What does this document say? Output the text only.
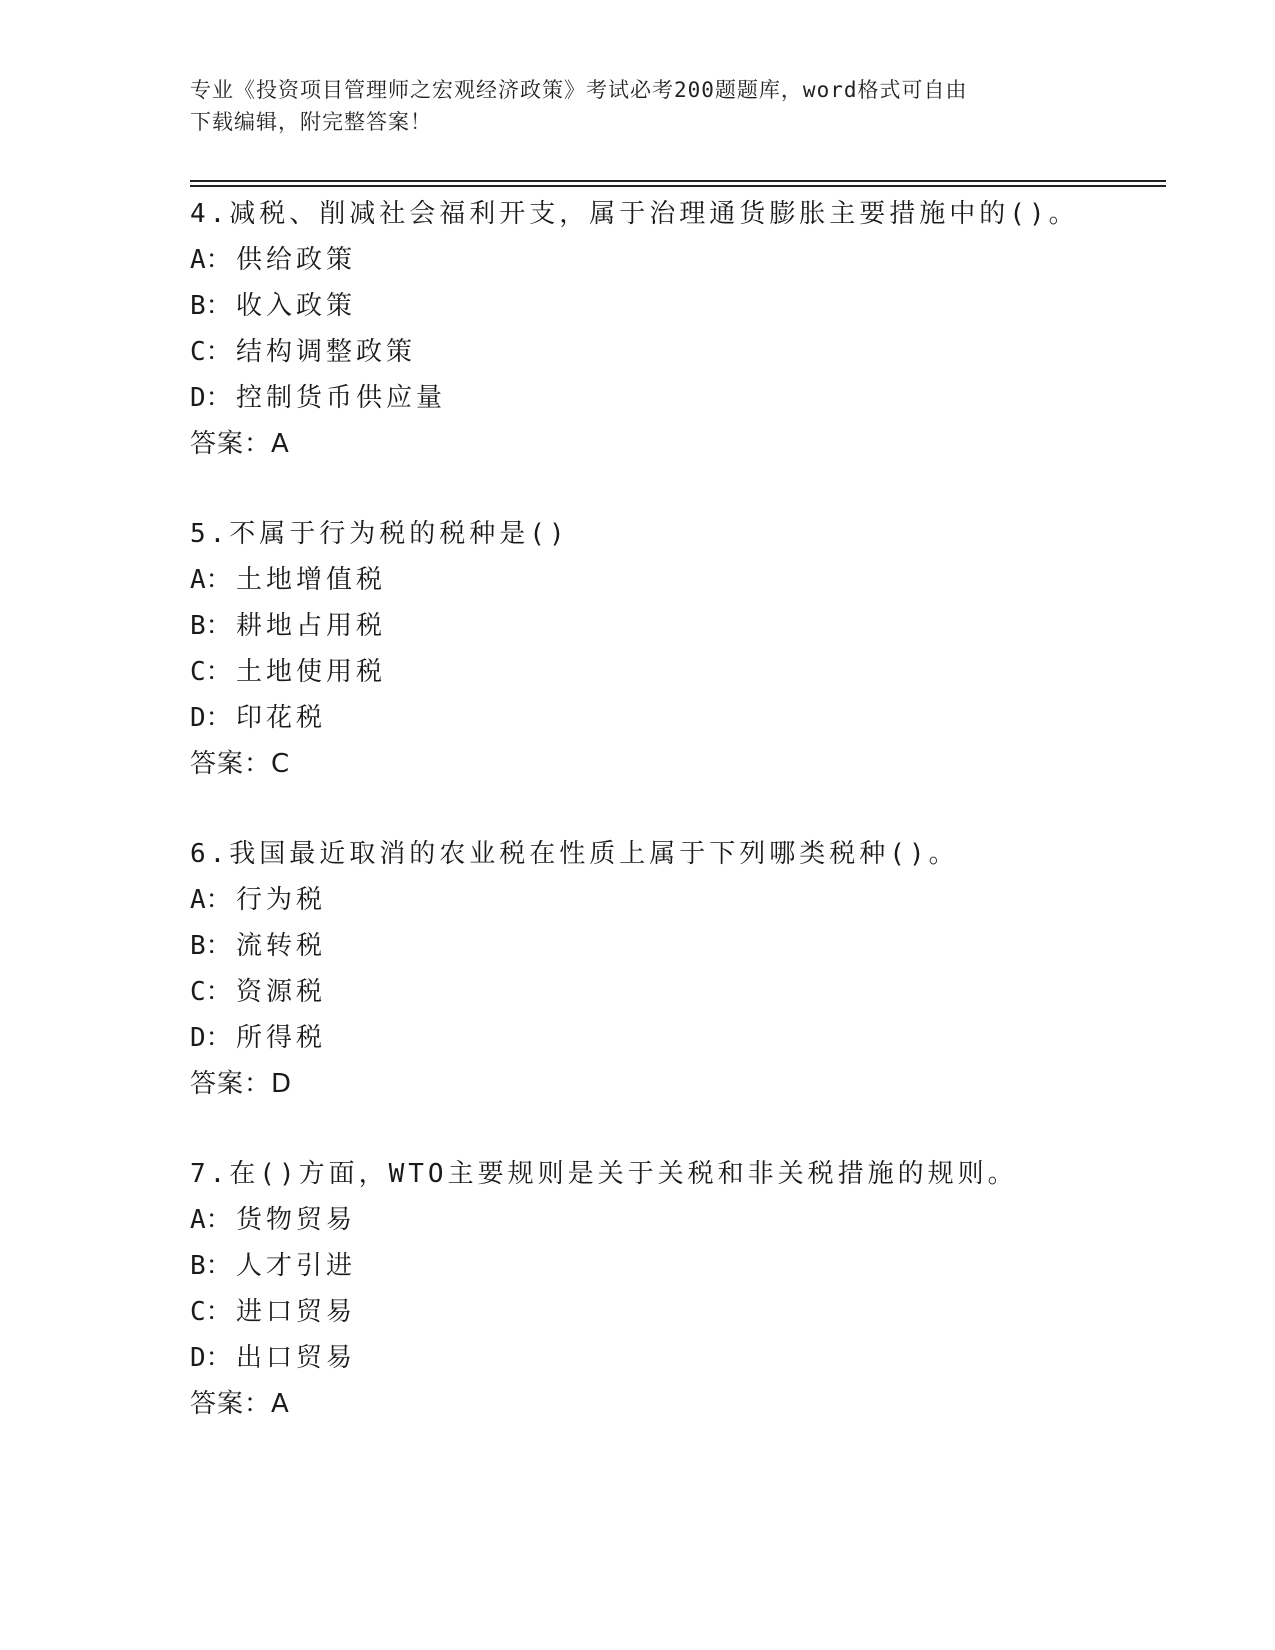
专业《投资项目管理师之宏观经济政策》考试必考200题题库，word格式可自由
下载编辑，附完整答案！
4.减税、削减社会福利开支，属于治理通货膨胀主要措施中的()。
A： 供给政策
B： 收入政策
C： 结构调整政策
D： 控制货币供应量
答案：A
5.不属于行为税的税种是()
A： 土地增值税
B： 耕地占用税
C： 土地使用税
D： 印花税
答案：C
6.我国最近取消的农业税在性质上属于下列哪类税种()。
A： 行为税
B： 流转税
C： 资源税
D： 所得税
答案：D
7.在()方面，WTO主要规则是关于关税和非关税措施的规则。
A： 货物贸易
B： 人才引进
C： 进口贸易
D： 出口贸易
答案：A
